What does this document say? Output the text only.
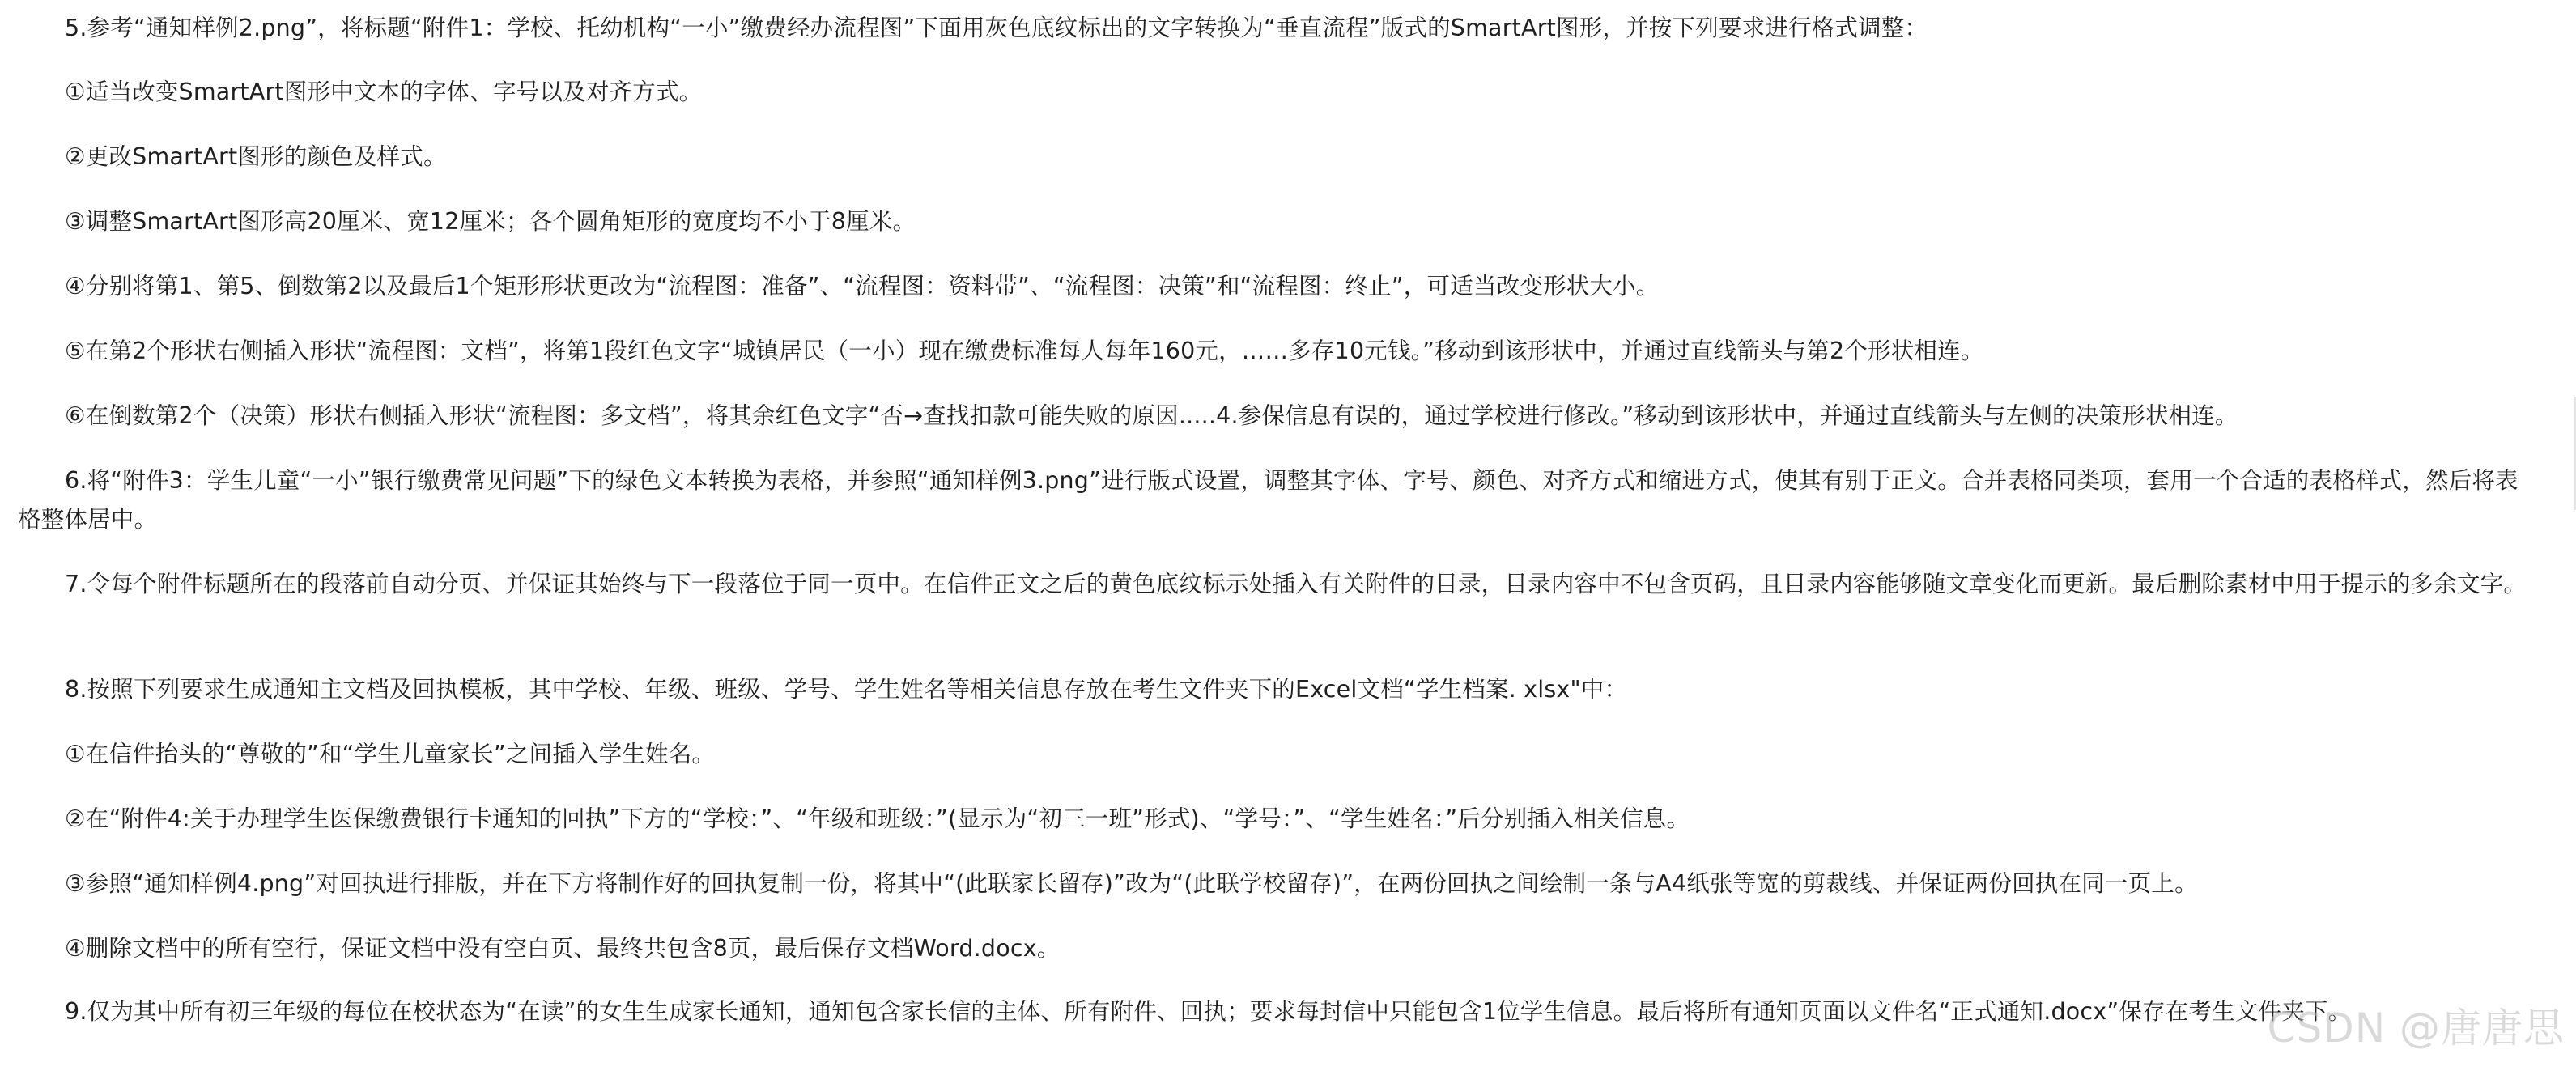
5.参考“通知样例2.png”，将标题“附件1：学校、托幼机构“一小”缴费经办流程图”下面用灰色底纹标出的文字转换为“垂直流程”版式的SmartArt图形，并按下列要求进行格式调整：
①适当改变SmartArt图形中文本的字体、字号以及对齐方式。
②更改SmartArt图形的颜色及样式。
③调整SmartArt图形高20厘米、宽12厘米；各个圆角矩形的宽度均不小于8厘米。
④分别将第1、第5、倒数第2以及最后1个矩形形状更改为“流程图：准备”、“流程图：资料带”、“流程图：决策”和“流程图：终止”，可适当改变形状大小。
⑤在第2个形状右侧插入形状“流程图：文档”，将第1段红色文字“城镇居民（一小）现在缴费标准每人每年160元，……多存10元钱。”移动到该形状中，并通过直线箭头与第2个形状相连。
⑥在倒数第2个（决策）形状右侧插入形状“流程图：多文档”，将其余红色文字“否→查找扣款可能失败的原因.....4.参保信息有误的，通过学校进行修改。”移动到该形状中，并通过直线箭头与左侧的决策形状相连。
6.将“附件3：学生儿童“一小”银行缴费常见问题”下的绿色文本转换为表格，并参照“通知样例3.png”进行版式设置，调整其字体、字号、颜色、对齐方式和缩进方式，使其有别于正文。合并表格同类项，套用一个合适的表格样式，然后将表格整体居中。
7.令每个附件标题所在的段落前自动分页、并保证其始终与下一段落位于同一页中。在信件正文之后的黄色底纹标示处插入有关附件的目录，目录内容中不包含页码，且目录内容能够随文章变化而更新。最后删除素材中用于提示的多余文字。
8.按照下列要求生成通知主文档及回执模板，其中学校、年级、班级、学号、学生姓名等相关信息存放在考生文件夹下的Excel文档“学生档案. xlsx"中：
①在信件抬头的“尊敬的”和“学生儿童家长”之间插入学生姓名。
②在“附件4:关于办理学生医保缴费银行卡通知的回执”下方的“学校：”、“年级和班级：”(显示为“初三一班”形式)、“学号：”、“学生姓名：”后分别插入相关信息。
③参照“通知样例4.png”对回执进行排版，并在下方将制作好的回执复制一份，将其中“(此联家长留存)”改为“(此联学校留存)”，在两份回执之间绘制一条与A4纸张等宽的剪裁线、并保证两份回执在同一页上。
④删除文档中的所有空行，保证文档中没有空白页、最终共包含8页，最后保存文档Word.docx。
9.仅为其中所有初三年级的每位在校状态为“在读”的女生生成家长通知，通知包含家长信的主体、所有附件、回执；要求每封信中只能包含1位学生信息。最后将所有通知页面以文件名“正式通知.docx”保存在考生文件夹下。
CSDN @唐唐思
